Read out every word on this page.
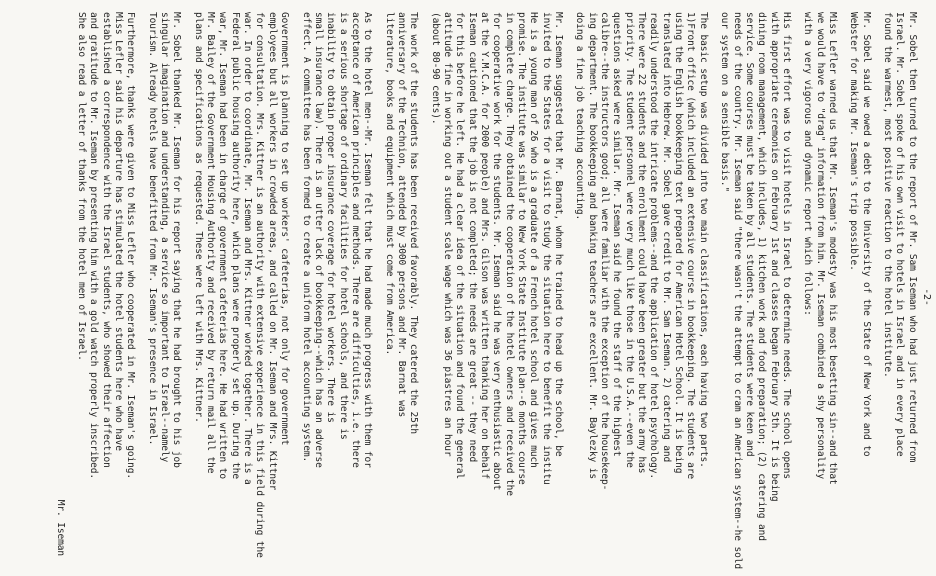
-2-
Mr. Sobel then turned to the report of Mr. Sam Iseman who had just returned from
Israel. Mr. Sobel spoke of his own visit to hotels in Israel and in every place
found the warmest, most positive reaction to the hotel institute.
Mr. Sobel said we owed a debt to the University of the State of New York and to
Webster for making Mr. Iseman's trip possible.
Miss Lefler warned us that Mr. Iseman's modesty was his most besetting sin--and that
we would have to "drag" information from him. Mr. Iseman combined a shy personality
with a very vigorous and dynamic report which follows:
His first effort was to visit hotels in Israel to determine needs. The school opens
with appropriate ceremonies on February 1st and classes began February 5th. It is being
dining room management, which includes, 1) kitchen work and food preparation; (2) catering and
service. Some courses must be taken by all students. The students were keen and
needs of the country. Mr. Iseman said "there wasn't the attempt to cram an American system--he sold
our system on a sensible basis."
The basic setup was divided into two main classifications, each having two parts.
1)Front office (which included an extensive course in bookkeeping. The students are
using the English bookkeeping text prepared for American Hotel School. It is being
translated into Hebrew. Mr. Sobel gave credit to Mr. Sam Iseman. 2) catering and
readily understood the intricate problems--and the application of hotel psychology.
There were 22 students and the enrollment could have been greater but the army has
priority. The student personnel were very much like those in the U.S.A.--even the
questions asked were similar. Mr. Iseman said he found the staff of the highest
calibre--the instructors good; all were familiar with the exception of the housekeep-
ing department. The bookkeeping and banking teachers are excellent. Mr. Baylezky is
doing a fine job teaching accounting.
Mr. Iseman suggested that Mr. Barnat, whom he trained to head up the school, be
invited to the States for a visit to study the situation here to benefit the institu
He is a young man of 26 who is a graduate of a French hotel school and gives much
promise. The institute was similar to New York State Institute plan--6 months course
in complete charge. They obtained the cooperation of the hotel owners and received the
for cooperative work for the students. Mr. Iseman said he was very enthusiastic about
at the Y.M.C.A. for 2000 people) and Mrs. Gilson was written thanking her on behalf
Iseman cautioned that the job is not completed; the needs are great -- they need
for this before he left. He had a clear idea of the situation and found the general
attitude fine in working out a student scale wage which was 36 piastres an hour
(about 80-90 cents).
The work of the students has been received favorably. They catered the 25th
anniversary of the Technion, attended by 3000 persons and Mr. Barnat was
literature, books and equipment which must come from America.
As to the hotel men--Mr. Iseman felt that he had made much progress with them for
acceptance of American principles and methods. There are difficulties, i.e. there
is a serious shortage of ordinary facilities for hotel schools, and there is
inability to obtain proper insurance coverage for hotel workers. There is
small insurance law). There is an utter lack of bookkeeping--which has an adverse
effect. A committee has been formed to create a uniform hotel accounting system.
Government is planning to set up workers' cafeterias, not only for government
employees but all workers in crowded areas, and called on Mr. Iseman and Mrs. Kittner
for consultation. Mrs. Kittner is an authority with extensive experience in this field during the
war. In order to coordinate, Mr. Iseman and Mrs. Kittner worked together. There is a
Federal public housing authority here, which plans were properly set up. During the
war, Mr. Iseman had been in charge of government cafeterias here. He had written to
Mr. Bailey of the Government Housing Authority and received by return mail all the
plans and specifications as requested. These were left with Mrs. Kittner.
Mr. Sobel thanked Mr. Iseman for his report saying that he had brought to his job
singular imagination and understanding, a service so important to Israel--namely
Tourism. Already hotels have benefitted from Mr. Iseman's presence in Israel.
Furthermore, thanks were given to Miss Lefler who cooperated in Mr. Iseman's going.
Miss Lefler said his departure has stimulated the hotel students here who have
established a correspondence with the Israel students, who showed their affection
and gratitude to Mr. Iseman by presenting him with a gold watch properly inscribed.
She also read a letter of thanks from the hotel men of Israel.
Mr. Iseman
